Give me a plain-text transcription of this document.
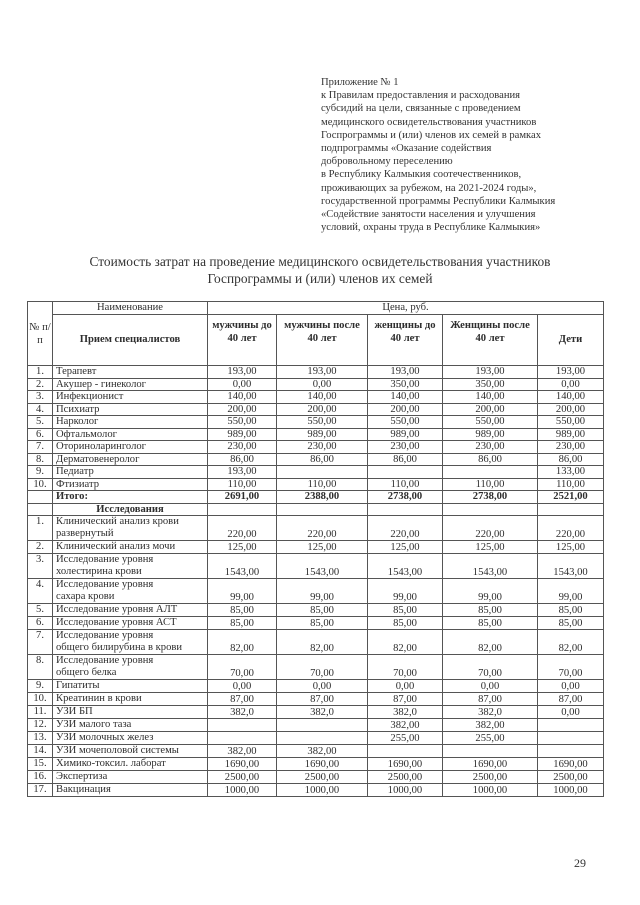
Приложение № 1
к Правилам предоставления и расходования
субсидий на цели, связанные с проведением
медицинского освидетельствования участников
Госпрограммы и (или) членов их семей в рамках
подпрограммы «Оказание содействия
добровольному переселению
в Республику Калмыкия соотечественников,
проживающих за рубежом, на 2021-2024 годы»,
государственной программы Республики Калмыкия
«Содействие занятости населения и улучшения
условий, охраны труда в Республике Калмыкия»
Стоимость затрат на проведение медицинского освидетельствования участников
Госпрограммы и (или) членов их семей
№ п/п	Наименование	Цена, руб.				
	Прием специалистов	мужчины до 40 лет	мужчины после 40 лет	женщины до 40 лет	Женщины после 40 лет	Дети
1.	Терапевт	193,00	193,00	193,00	193,00	193,00
2.	Акушер - гинеколог	0,00	0,00	350,00	350,00	0,00
3.	Инфекционист	140,00	140,00	140,00	140,00	140,00
4.	Психиатр	200,00	200,00	200,00	200,00	200,00
5.	Нарколог	550,00	550,00	550,00	550,00	550,00
6.	Офтальмолог	989,00	989,00	989,00	989,00	989,00
7.	Оториноларинголог	230,00	230,00	230,00	230,00	230,00
8.	Дерматовенеролог	86,00	86,00	86,00	86,00	86,00
9.	Педиатр	193,00				133,00
10.	Фтизиатр	110,00	110,00	110,00	110,00	110,00
	Итого:	2691,00	2388,00	2738,00	2738,00	2521,00
	Исследования					
1.	Клинический анализ крови
развернутый	220,00	220,00	220,00	220,00	220,00
2.	Клинический анализ мочи	125,00	125,00	125,00	125,00	125,00
3.	Исследование уровня
холестирина крови	1543,00	1543,00	1543,00	1543,00	1543,00
4.	Исследование уровня
сахара крови	99,00	99,00	99,00	99,00	99,00
5.	Исследование уровня АЛТ	85,00	85,00	85,00	85,00	85,00
6.	Исследование уровня АСТ	85,00	85,00	85,00	85,00	85,00
7.	Исследование уровня
общего билирубина в крови	82,00	82,00	82,00	82,00	82,00
8.	Исследование уровня
общего белка	70,00	70,00	70,00	70,00	70,00
9.	Гипатиты	0,00	0,00	0,00	0,00	0,00
10.	Креатинин в крови	87,00	87,00	87,00	87,00	87,00
11.	УЗИ БП	382,0	382,0	382,0	382,0	0,00
12.	УЗИ малого таза			382,00	382,00	
13.	УЗИ молочных желез			255,00	255,00	
14.	УЗИ мочеполовой системы	382,00	382,00			
15.	Химико-токсил. лаборат	1690,00	1690,00	1690,00	1690,00	1690,00
16.	Экспертиза	2500,00	2500,00	2500,00	2500,00	2500,00
17.	Вакцинация	1000,00	1000,00	1000,00	1000,00	1000,00
29
